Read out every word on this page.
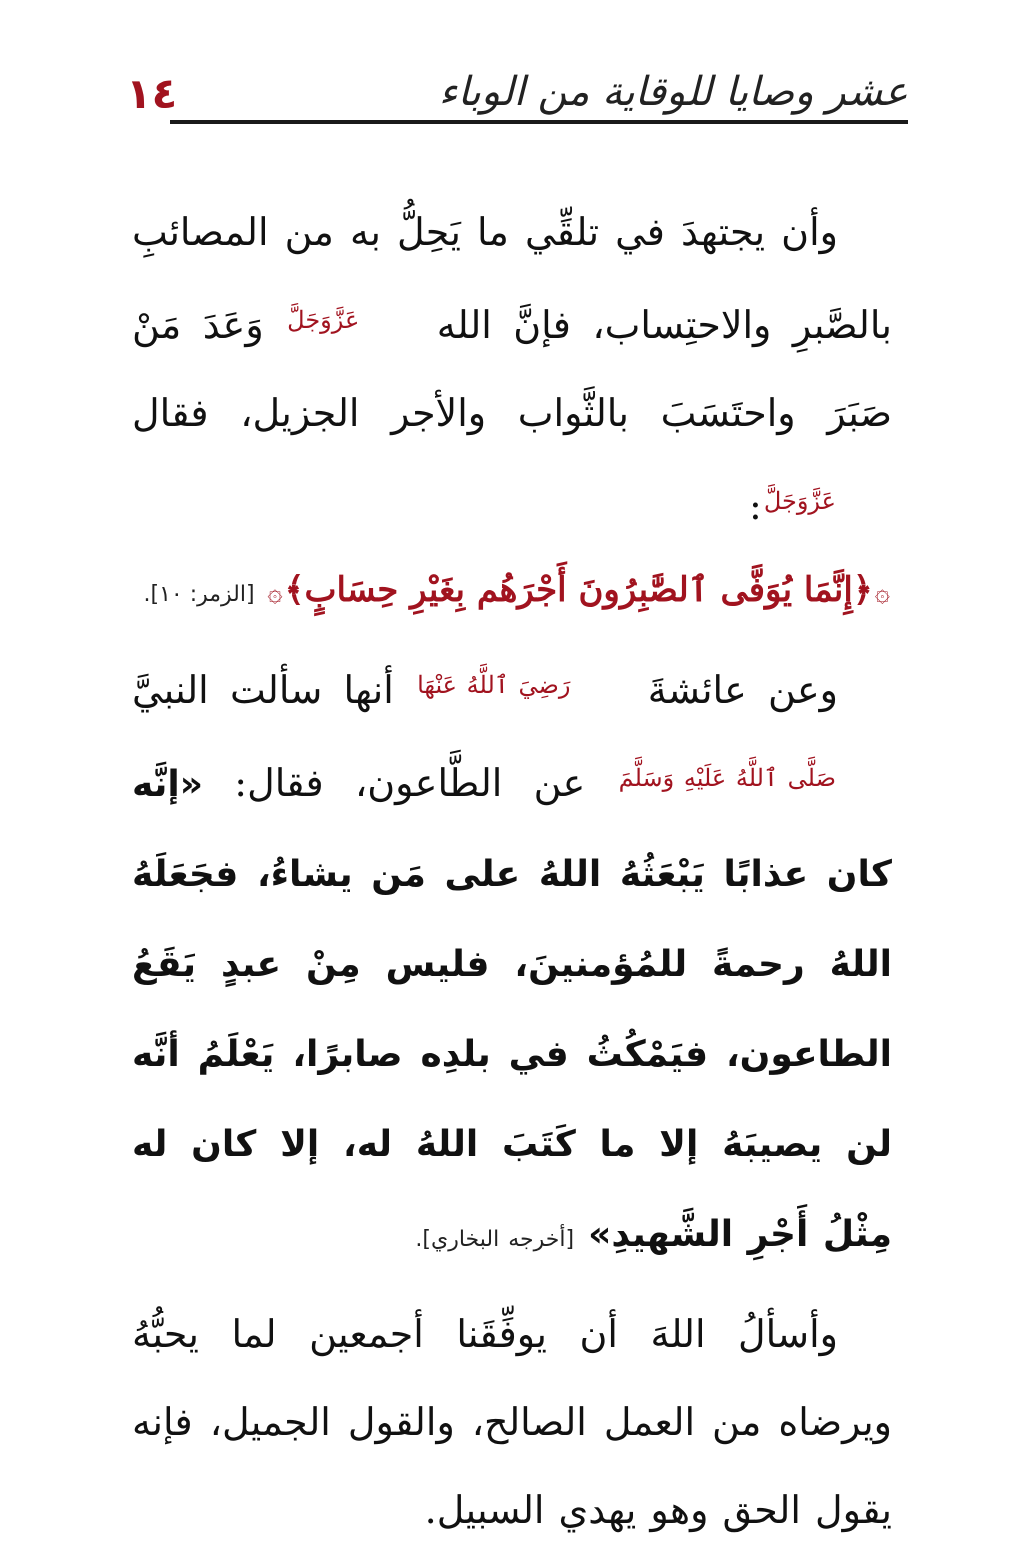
عشر وصايا للوقاية من الوباء
١٤

وأن يجتهدَ في تلقِّي ما يَحِلُّ به من المصائبِ بالصَّبرِ والاحتِساب، فإنَّ الله عَزَّوَجَلَّ وَعَدَ مَنْ صَبَرَ واحتَسَبَ بالثَّواب والأجر الجزيل، فقال عَزَّوَجَلَّ:

۞﴿إِنَّمَا يُوَفَّى ٱلصَّٰبِرُونَ أَجْرَهُم بِغَيْرِ حِسَابٍ﴾۞ [الزمر: ١٠].

وعن عائشةَ رَضِيَ ٱللَّهُ عَنْهَا أنها سألت النبيَّ صَلَّى ٱللَّهُ عَلَيْهِ وَسَلَّمَ عن الطَّاعون، فقال: «إنَّه كان عذابًا يَبْعَثُهُ اللهُ على مَن يشاءُ، فجَعَلَهُ اللهُ رحمةً للمُؤمنينَ، فليس مِنْ عبدٍ يَقَعُ الطاعون، فيَمْكُثُ في بلدِه صابرًا، يَعْلَمُ أنَّه لن يصيبَهُ إلا ما كَتَبَ اللهُ له، إلا كان له مِثْلُ أَجْرِ الشَّهيدِ» [أخرجه البخاري].

وأسألُ اللهَ أن يوفِّقَنا أجمعين لما يحبُّهُ ويرضاه من العمل الصالح، والقول الجميل، فإنه يقول الحق وهو يهدي السبيل.
